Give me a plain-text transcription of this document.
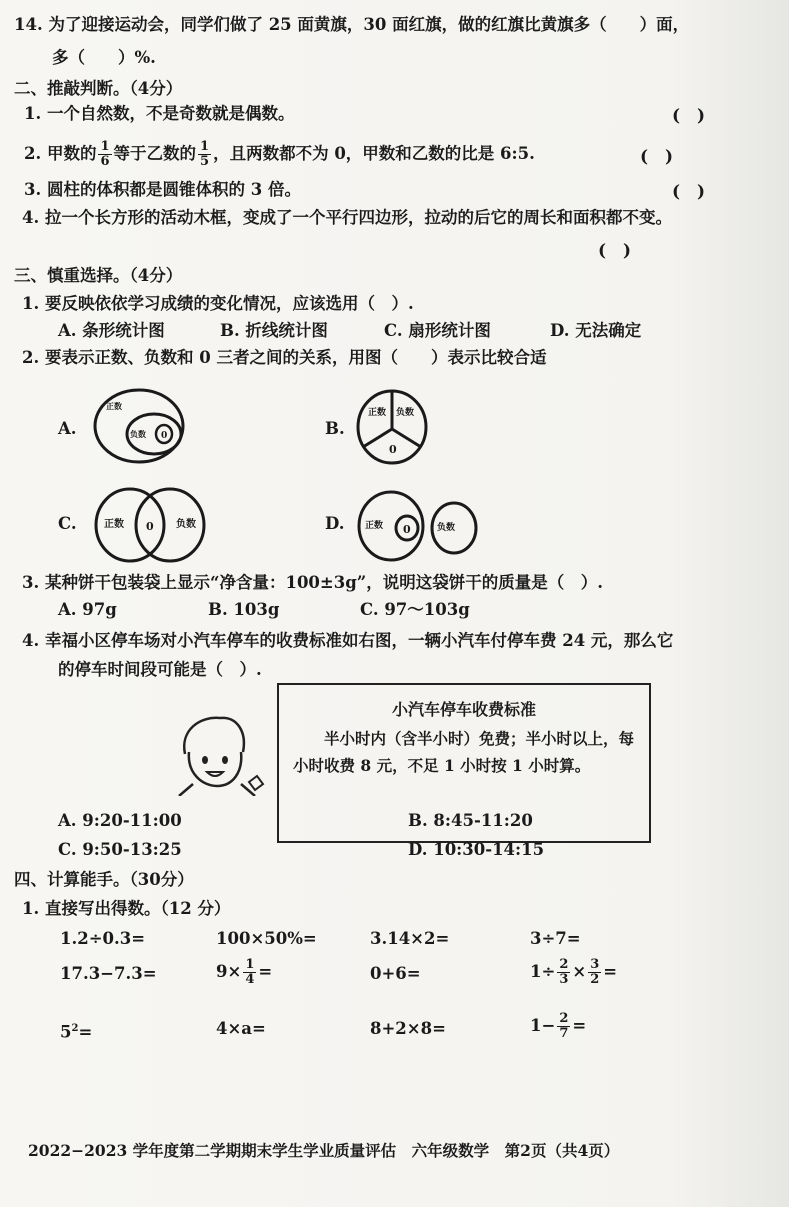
14. 为了迎接运动会，同学们做了 25 面黄旗，30 面红旗，做的红旗比黄旗多（　　）面，
多（　　）%.
二、推敲判断。（4分）
1. 一个自然数，不是奇数就是偶数。	(　)
2. 甲数的 $\frac{1}{6}$ 等于乙数的 $\frac{1}{5}$ ，且两数都不为 0，甲数和乙数的比是 6:5.	(　)
3. 圆柱的体积都是圆锥体积的 3 倍。	(　)
4. 拉一个长方形的活动木框，变成了一个平行四边形，拉动的后它的周长和面积都不变。
(　)
三、慎重选择。（4分）
1. 要反映依依学习成绩的变化情况，应该选用（　）.
A. 条形统计图	B. 折线统计图	C. 扇形统计图	D. 无法确定
2. 要表示正数、负数和 0 三者之间的关系，用图（　　）表示比较合适
A.
正数
负数 0	B.
正数 负数
0
C.	正数 0 负数	D. 正数 0	负数
3. 某种饼干包装袋上显示“净含量：100±3g”，说明这袋饼干的质量是（　）.
A. 97g	B. 103g	C. 97～103g
4. 幸福小区停车场对小汽车停车的收费标准如右图，一辆小汽车付停车费 24 元，那么它
的停车时间段可能是（　）.
小汽车停车收费标准
半小时内（含半小时）免费；半小时以上，每小时收费 8 元，不足 1 小时按 1 小时算。
A. 9:20-11:00	B. 8:45-11:20
C. 9:50-13:25	D. 10:30-14:15
四、计算能手。（30分）
1. 直接写出得数。（12 分）
1.2÷0.3=	100×50%=	3.14×2=	3÷7=
17.3−7.3=	$9\times \frac{1}{4}$ =	0+6=	$1\div \frac{2}{3} \times \frac{3}{2}$ =
$5^2=$	4×a=	8+2×8=	$1- \frac{2}{7}$ =
2022−2023 学年度第二学期期末学生学业质量评估　六年级数学　第2页（共4页）
